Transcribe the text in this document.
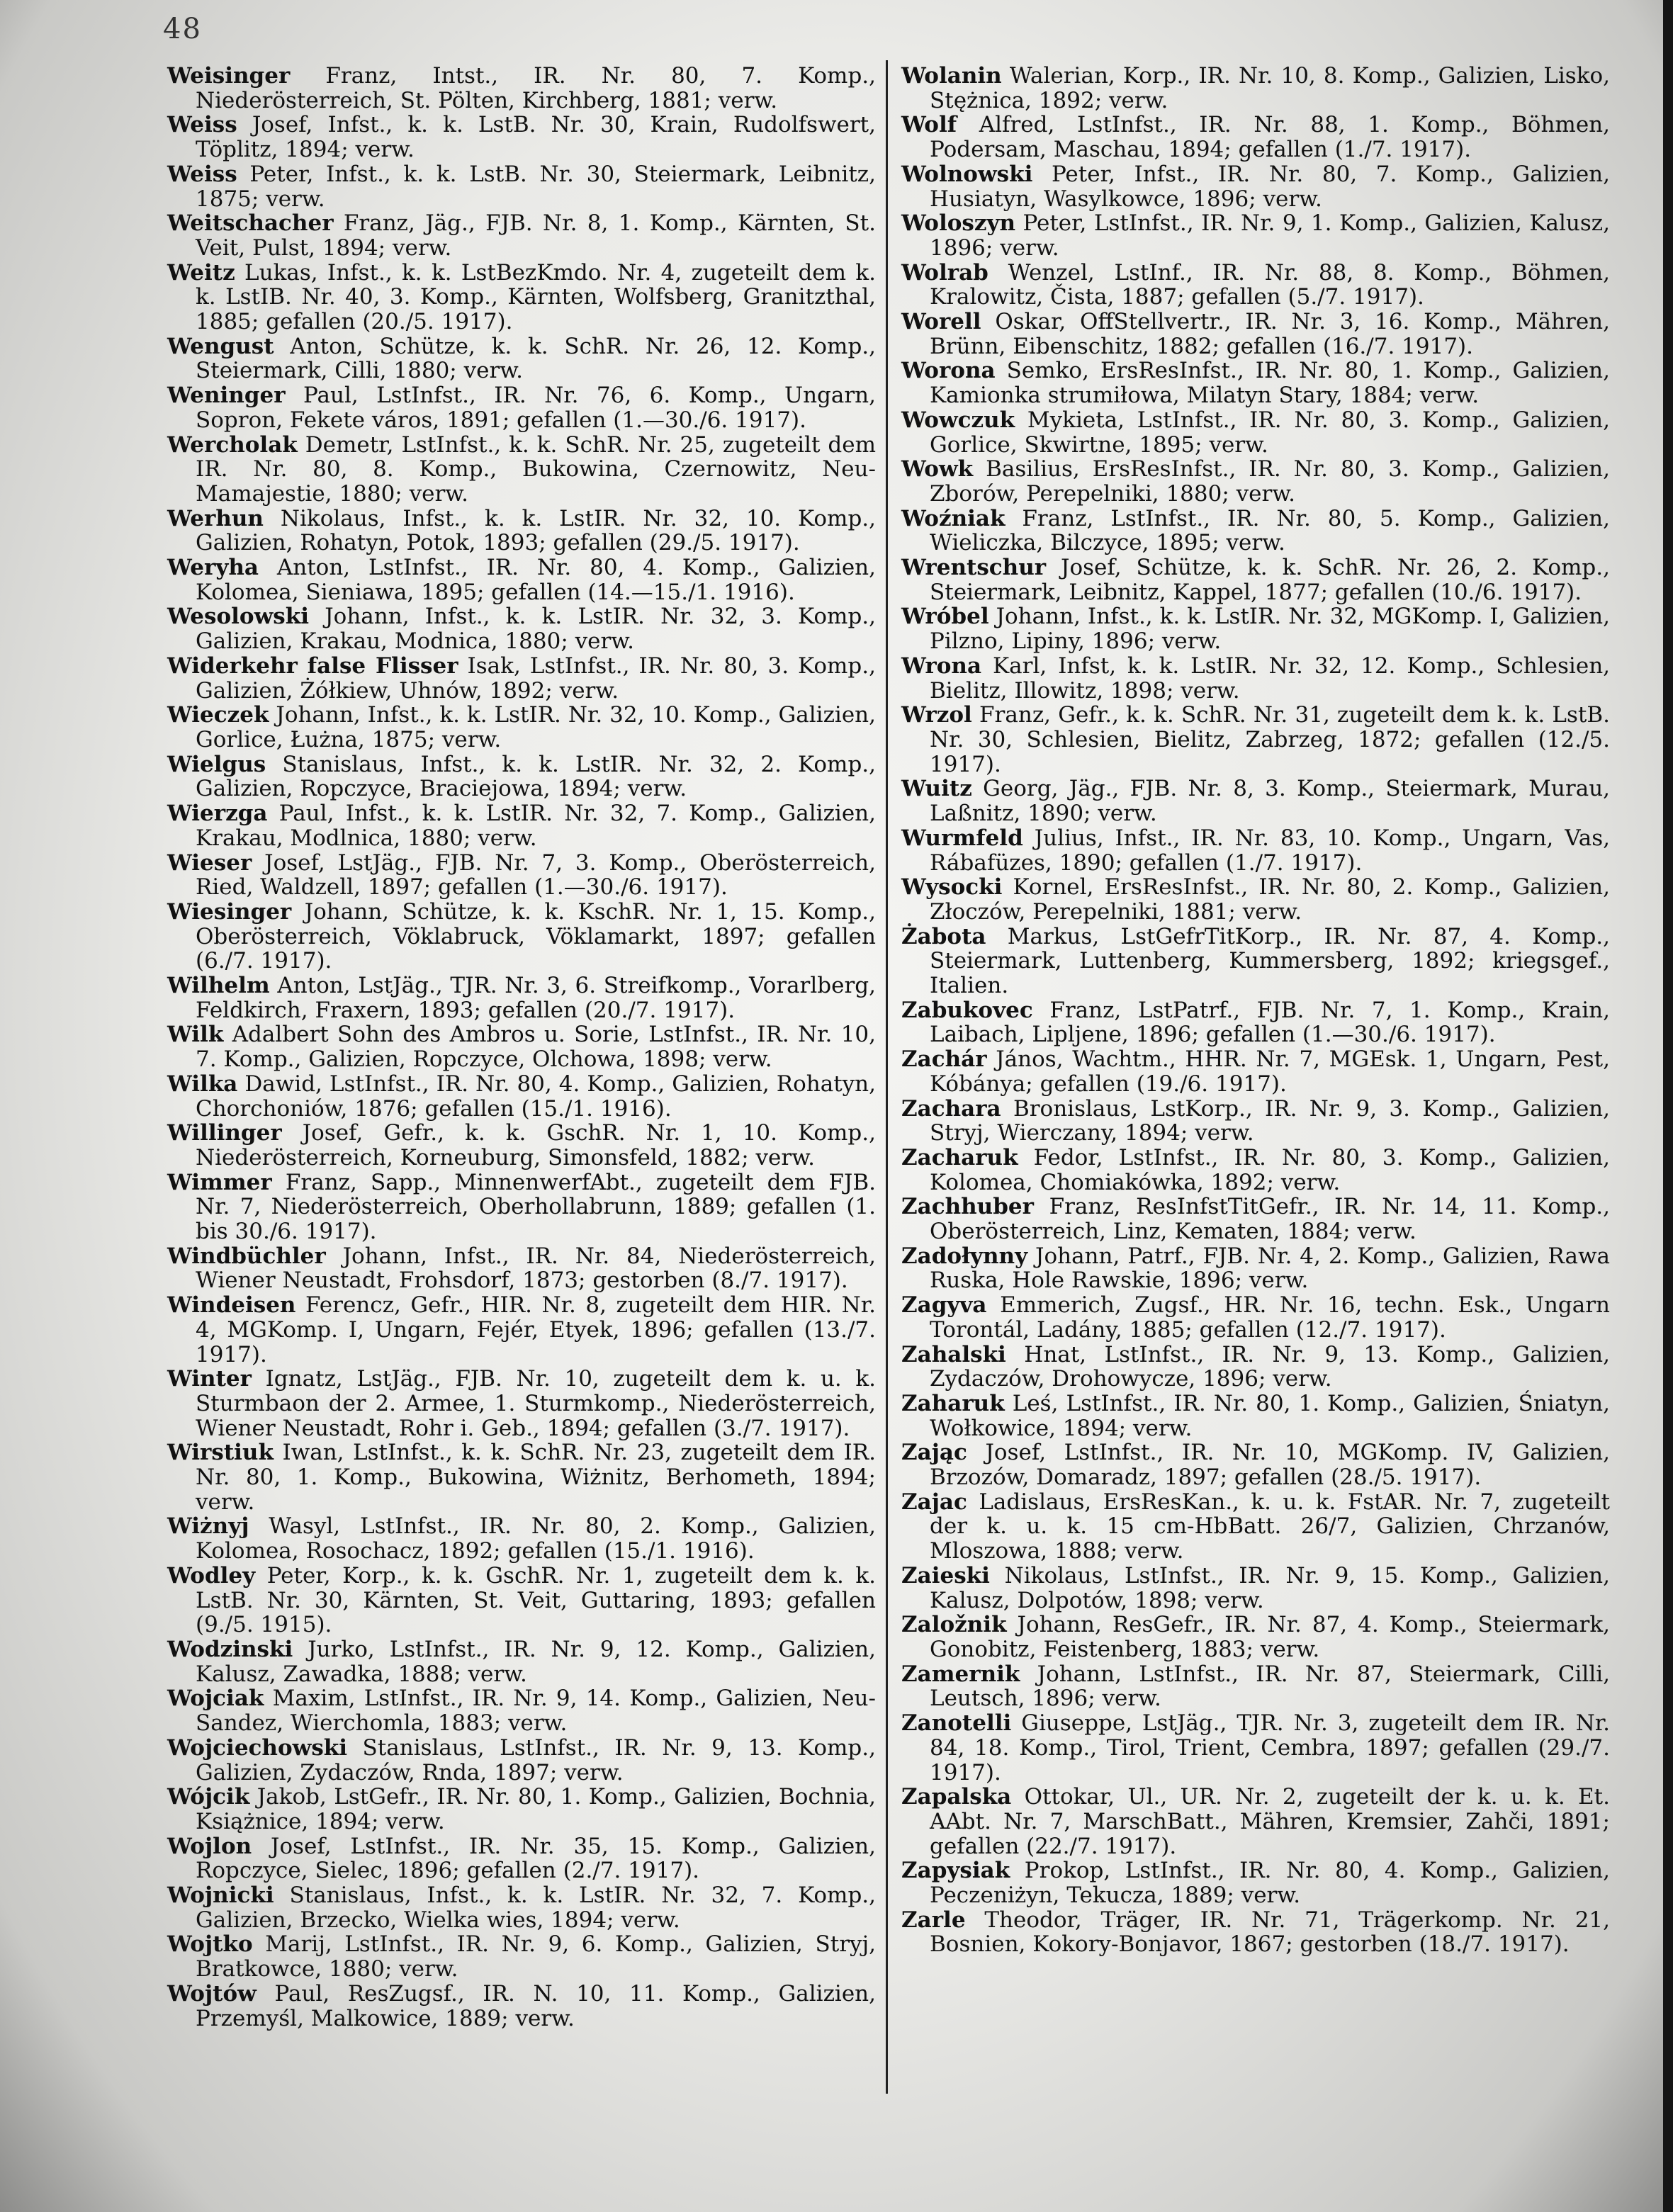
48

Weisinger Franz, Intst., IR. Nr. 80, 7. Komp., Niederösterreich, St. Pölten, Kirchberg, 1881; verw.

Weiss Josef, Infst., k. k. LstB. Nr. 30, Krain, Rudolfswert, Töplitz, 1894; verw.

Weiss Peter, Infst., k. k. LstB. Nr. 30, Steiermark, Leibnitz, 1875; verw.

Weitschacher Franz, Jäg., FJB. Nr. 8, 1. Komp., Kärnten, St. Veit, Pulst, 1894; verw.

Weitz Lukas, Infst., k. k. LstBezKmdo. Nr. 4, zugeteilt dem k. k. LstIB. Nr. 40, 3. Komp., Kärnten, Wolfsberg, Granitzthal, 1885; gefallen (20./5. 1917).

Wengust Anton, Schütze, k. k. SchR. Nr. 26, 12. Komp., Steiermark, Cilli, 1880; verw.

Weninger Paul, LstInfst., IR. Nr. 76, 6. Komp., Ungarn, Sopron, Fekete város, 1891; gefallen (1.—30./6. 1917).

Wercholak Demetr, LstInfst., k. k. SchR. Nr. 25, zugeteilt dem IR. Nr. 80, 8. Komp., Bukowina, Czernowitz, Neu-Mamajestie, 1880; verw.

Werhun Nikolaus, Infst., k. k. LstIR. Nr. 32, 10. Komp., Galizien, Rohatyn, Potok, 1893; gefallen (29./5. 1917).

Weryha Anton, LstInfst., IR. Nr. 80, 4. Komp., Galizien, Kolomea, Sieniawa, 1895; gefallen (14.—15./1. 1916).

Wesolowski Johann, Infst., k. k. LstIR. Nr. 32, 3. Komp., Galizien, Krakau, Modnica, 1880; verw.

Widerkehr false Flisser Isak, LstInfst., IR. Nr. 80, 3. Komp., Galizien, Żółkiew, Uhnów, 1892; verw.

Wieczek Johann, Infst., k. k. LstIR. Nr. 32, 10. Komp., Galizien, Gorlice, Łużna, 1875; verw.

Wielgus Stanislaus, Infst., k. k. LstIR. Nr. 32, 2. Komp., Galizien, Ropczyce, Braciejowa, 1894; verw.

Wierzga Paul, Infst., k. k. LstIR. Nr. 32, 7. Komp., Galizien, Krakau, Modlnica, 1880; verw.

Wieser Josef, LstJäg., FJB. Nr. 7, 3. Komp., Oberösterreich, Ried, Waldzell, 1897; gefallen (1.—30./6. 1917).

Wiesinger Johann, Schütze, k. k. KschR. Nr. 1, 15. Komp., Oberösterreich, Vöklabruck, Vöklamarkt, 1897; gefallen (6./7. 1917).

Wilhelm Anton, LstJäg., TJR. Nr. 3, 6. Streifkomp., Vorarlberg, Feldkirch, Fraxern, 1893; gefallen (20./7. 1917).

Wilk Adalbert Sohn des Ambros u. Sorie, LstInfst., IR. Nr. 10, 7. Komp., Galizien, Ropczyce, Olchowa, 1898; verw.

Wilka Dawid, LstInfst., IR. Nr. 80, 4. Komp., Galizien, Rohatyn, Chorchoniów, 1876; gefallen (15./1. 1916).

Willinger Josef, Gefr., k. k. GschR. Nr. 1, 10. Komp., Niederösterreich, Korneuburg, Simonsfeld, 1882; verw.

Wimmer Franz, Sapp., MinnenwerfAbt., zugeteilt dem FJB. Nr. 7, Niederösterreich, Oberhollabrunn, 1889; gefallen (1. bis 30./6. 1917).

Windbüchler Johann, Infst., IR. Nr. 84, Niederösterreich, Wiener Neustadt, Frohsdorf, 1873; gestorben (8./7. 1917).

Windeisen Ferencz, Gefr., HIR. Nr. 8, zugeteilt dem HIR. Nr. 4, MGKomp. I, Ungarn, Fejér, Etyek, 1896; gefallen (13./7. 1917).

Winter Ignatz, LstJäg., FJB. Nr. 10, zugeteilt dem k. u. k. Sturmbaon der 2. Armee, 1. Sturmkomp., Niederösterreich, Wiener Neustadt, Rohr i. Geb., 1894; gefallen (3./7. 1917).

Wirstiuk Iwan, LstInfst., k. k. SchR. Nr. 23, zugeteilt dem IR. Nr. 80, 1. Komp., Bukowina, Wiżnitz, Berhometh, 1894; verw.

Wiżnyj Wasyl, LstInfst., IR. Nr. 80, 2. Komp., Galizien, Kolomea, Rosochacz, 1892; gefallen (15./1. 1916).

Wodley Peter, Korp., k. k. GschR. Nr. 1, zugeteilt dem k. k. LstB. Nr. 30, Kärnten, St. Veit, Guttaring, 1893; gefallen (9./5. 1915).

Wodzinski Jurko, LstInfst., IR. Nr. 9, 12. Komp., Galizien, Kalusz, Zawadka, 1888; verw.

Wojciak Maxim, LstInfst., IR. Nr. 9, 14. Komp., Galizien, Neu-Sandez, Wierchomla, 1883; verw.

Wojciechowski Stanislaus, LstInfst., IR. Nr. 9, 13. Komp., Galizien, Zydaczów, Rnda, 1897; verw.

Wójcik Jakob, LstGefr., IR. Nr. 80, 1. Komp., Galizien, Bochnia, Książnice, 1894; verw.

Wojlon Josef, LstInfst., IR. Nr. 35, 15. Komp., Galizien, Ropczyce, Sielec, 1896; gefallen (2./7. 1917).

Wojnicki Stanislaus, Infst., k. k. LstIR. Nr. 32, 7. Komp., Galizien, Brzecko, Wielka wies, 1894; verw.

Wojtko Marij, LstInfst., IR. Nr. 9, 6. Komp., Galizien, Stryj, Bratkowce, 1880; verw.

Wojtów Paul, ResZugsf., IR. N. 10, 11. Komp., Galizien, Przemyśl, Malkowice, 1889; verw.

Wolanin Walerian, Korp., IR. Nr. 10, 8. Komp., Galizien, Lisko, Stężnica, 1892; verw.

Wolf Alfred, LstInfst., IR. Nr. 88, 1. Komp., Böhmen, Podersam, Maschau, 1894; gefallen (1./7. 1917).

Wolnowski Peter, Infst., IR. Nr. 80, 7. Komp., Galizien, Husiatyn, Wasylkowce, 1896; verw.

Woloszyn Peter, LstInfst., IR. Nr. 9, 1. Komp., Galizien, Kalusz, 1896; verw.

Wolrab Wenzel, LstInf., IR. Nr. 88, 8. Komp., Böhmen, Kralowitz, Čista, 1887; gefallen (5./7. 1917).

Worell Oskar, OffStellvertr., IR. Nr. 3, 16. Komp., Mähren, Brünn, Eibenschitz, 1882; gefallen (16./7. 1917).

Worona Semko, ErsResInfst., IR. Nr. 80, 1. Komp., Galizien, Kamionka strumiłowa, Milatyn Stary, 1884; verw.

Wowczuk Mykieta, LstInfst., IR. Nr. 80, 3. Komp., Galizien, Gorlice, Skwirtne, 1895; verw.

Wowk Basilius, ErsResInfst., IR. Nr. 80, 3. Komp., Galizien, Zborów, Perepelniki, 1880; verw.

Woźniak Franz, LstInfst., IR. Nr. 80, 5. Komp., Galizien, Wieliczka, Bilczyce, 1895; verw.

Wrentschur Josef, Schütze, k. k. SchR. Nr. 26, 2. Komp., Steiermark, Leibnitz, Kappel, 1877; gefallen (10./6. 1917).

Wróbel Johann, Infst., k. k. LstIR. Nr. 32, MGKomp. I, Galizien, Pilzno, Lipiny, 1896; verw.

Wrona Karl, Infst, k. k. LstIR. Nr. 32, 12. Komp., Schlesien, Bielitz, Illowitz, 1898; verw.

Wrzol Franz, Gefr., k. k. SchR. Nr. 31, zugeteilt dem k. k. LstB. Nr. 30, Schlesien, Bielitz, Zabrzeg, 1872; gefallen (12./5. 1917).

Wuitz Georg, Jäg., FJB. Nr. 8, 3. Komp., Steiermark, Murau, Laßnitz, 1890; verw.

Wurmfeld Julius, Infst., IR. Nr. 83, 10. Komp., Ungarn, Vas, Rábafüzes, 1890; gefallen (1./7. 1917).

Wysocki Kornel, ErsResInfst., IR. Nr. 80, 2. Komp., Galizien, Złoczów, Perepelniki, 1881; verw.

Żabota Markus, LstGefrTitKorp., IR. Nr. 87, 4. Komp., Steiermark, Luttenberg, Kummersberg, 1892; kriegsgef., Italien.

Zabukovec Franz, LstPatrf., FJB. Nr. 7, 1. Komp., Krain, Laibach, Lipljene, 1896; gefallen (1.—30./6. 1917).

Zachár János, Wachtm., HHR. Nr. 7, MGEsk. 1, Ungarn, Pest, Kóbánya; gefallen (19./6. 1917).

Zachara Bronislaus, LstKorp., IR. Nr. 9, 3. Komp., Galizien, Stryj, Wierczany, 1894; verw.

Zacharuk Fedor, LstInfst., IR. Nr. 80, 3. Komp., Galizien, Kolomea, Chomiakówka, 1892; verw.

Zachhuber Franz, ResInfstTitGefr., IR. Nr. 14, 11. Komp., Oberösterreich, Linz, Kematen, 1884; verw.

Zadołynny Johann, Patrf., FJB. Nr. 4, 2. Komp., Galizien, Rawa Ruska, Hole Rawskie, 1896; verw.

Zagyva Emmerich, Zugsf., HR. Nr. 16, techn. Esk., Ungarn Torontál, Ladány, 1885; gefallen (12./7. 1917).

Zahalski Hnat, LstInfst., IR. Nr. 9, 13. Komp., Galizien, Zydaczów, Drohowycze, 1896; verw.

Zaharuk Leś, LstInfst., IR. Nr. 80, 1. Komp., Galizien, Śniatyn, Wołkowice, 1894; verw.

Zając Josef, LstInfst., IR. Nr. 10, MGKomp. IV, Galizien, Brzozów, Domaradz, 1897; gefallen (28./5. 1917).

Zajac Ladislaus, ErsResKan., k. u. k. FstAR. Nr. 7, zugeteilt der k. u. k. 15 cm-HbBatt. 26/7, Galizien, Chrzanów, Mloszowa, 1888; verw.

Zaieski Nikolaus, LstInfst., IR. Nr. 9, 15. Komp., Galizien, Kalusz, Dolpotów, 1898; verw.

Založnik Johann, ResGefr., IR. Nr. 87, 4. Komp., Steiermark, Gonobitz, Feistenberg, 1883; verw.

Zamernik Johann, LstInfst., IR. Nr. 87, Steiermark, Cilli, Leutsch, 1896; verw.

Zanotelli Giuseppe, LstJäg., TJR. Nr. 3, zugeteilt dem IR. Nr. 84, 18. Komp., Tirol, Trient, Cembra, 1897; gefallen (29./7. 1917).

Zapalska Ottokar, Ul., UR. Nr. 2, zugeteilt der k. u. k. Et. AAbt. Nr. 7, MarschBatt., Mähren, Kremsier, Zahči, 1891; gefallen (22./7. 1917).

Zapysiak Prokop, LstInfst., IR. Nr. 80, 4. Komp., Galizien, Peczeniżyn, Tekucza, 1889; verw.

Zarle Theodor, Träger, IR. Nr. 71, Trägerkomp. Nr. 21, Bosnien, Kokory-Bonjavor, 1867; gestorben (18./7. 1917).
